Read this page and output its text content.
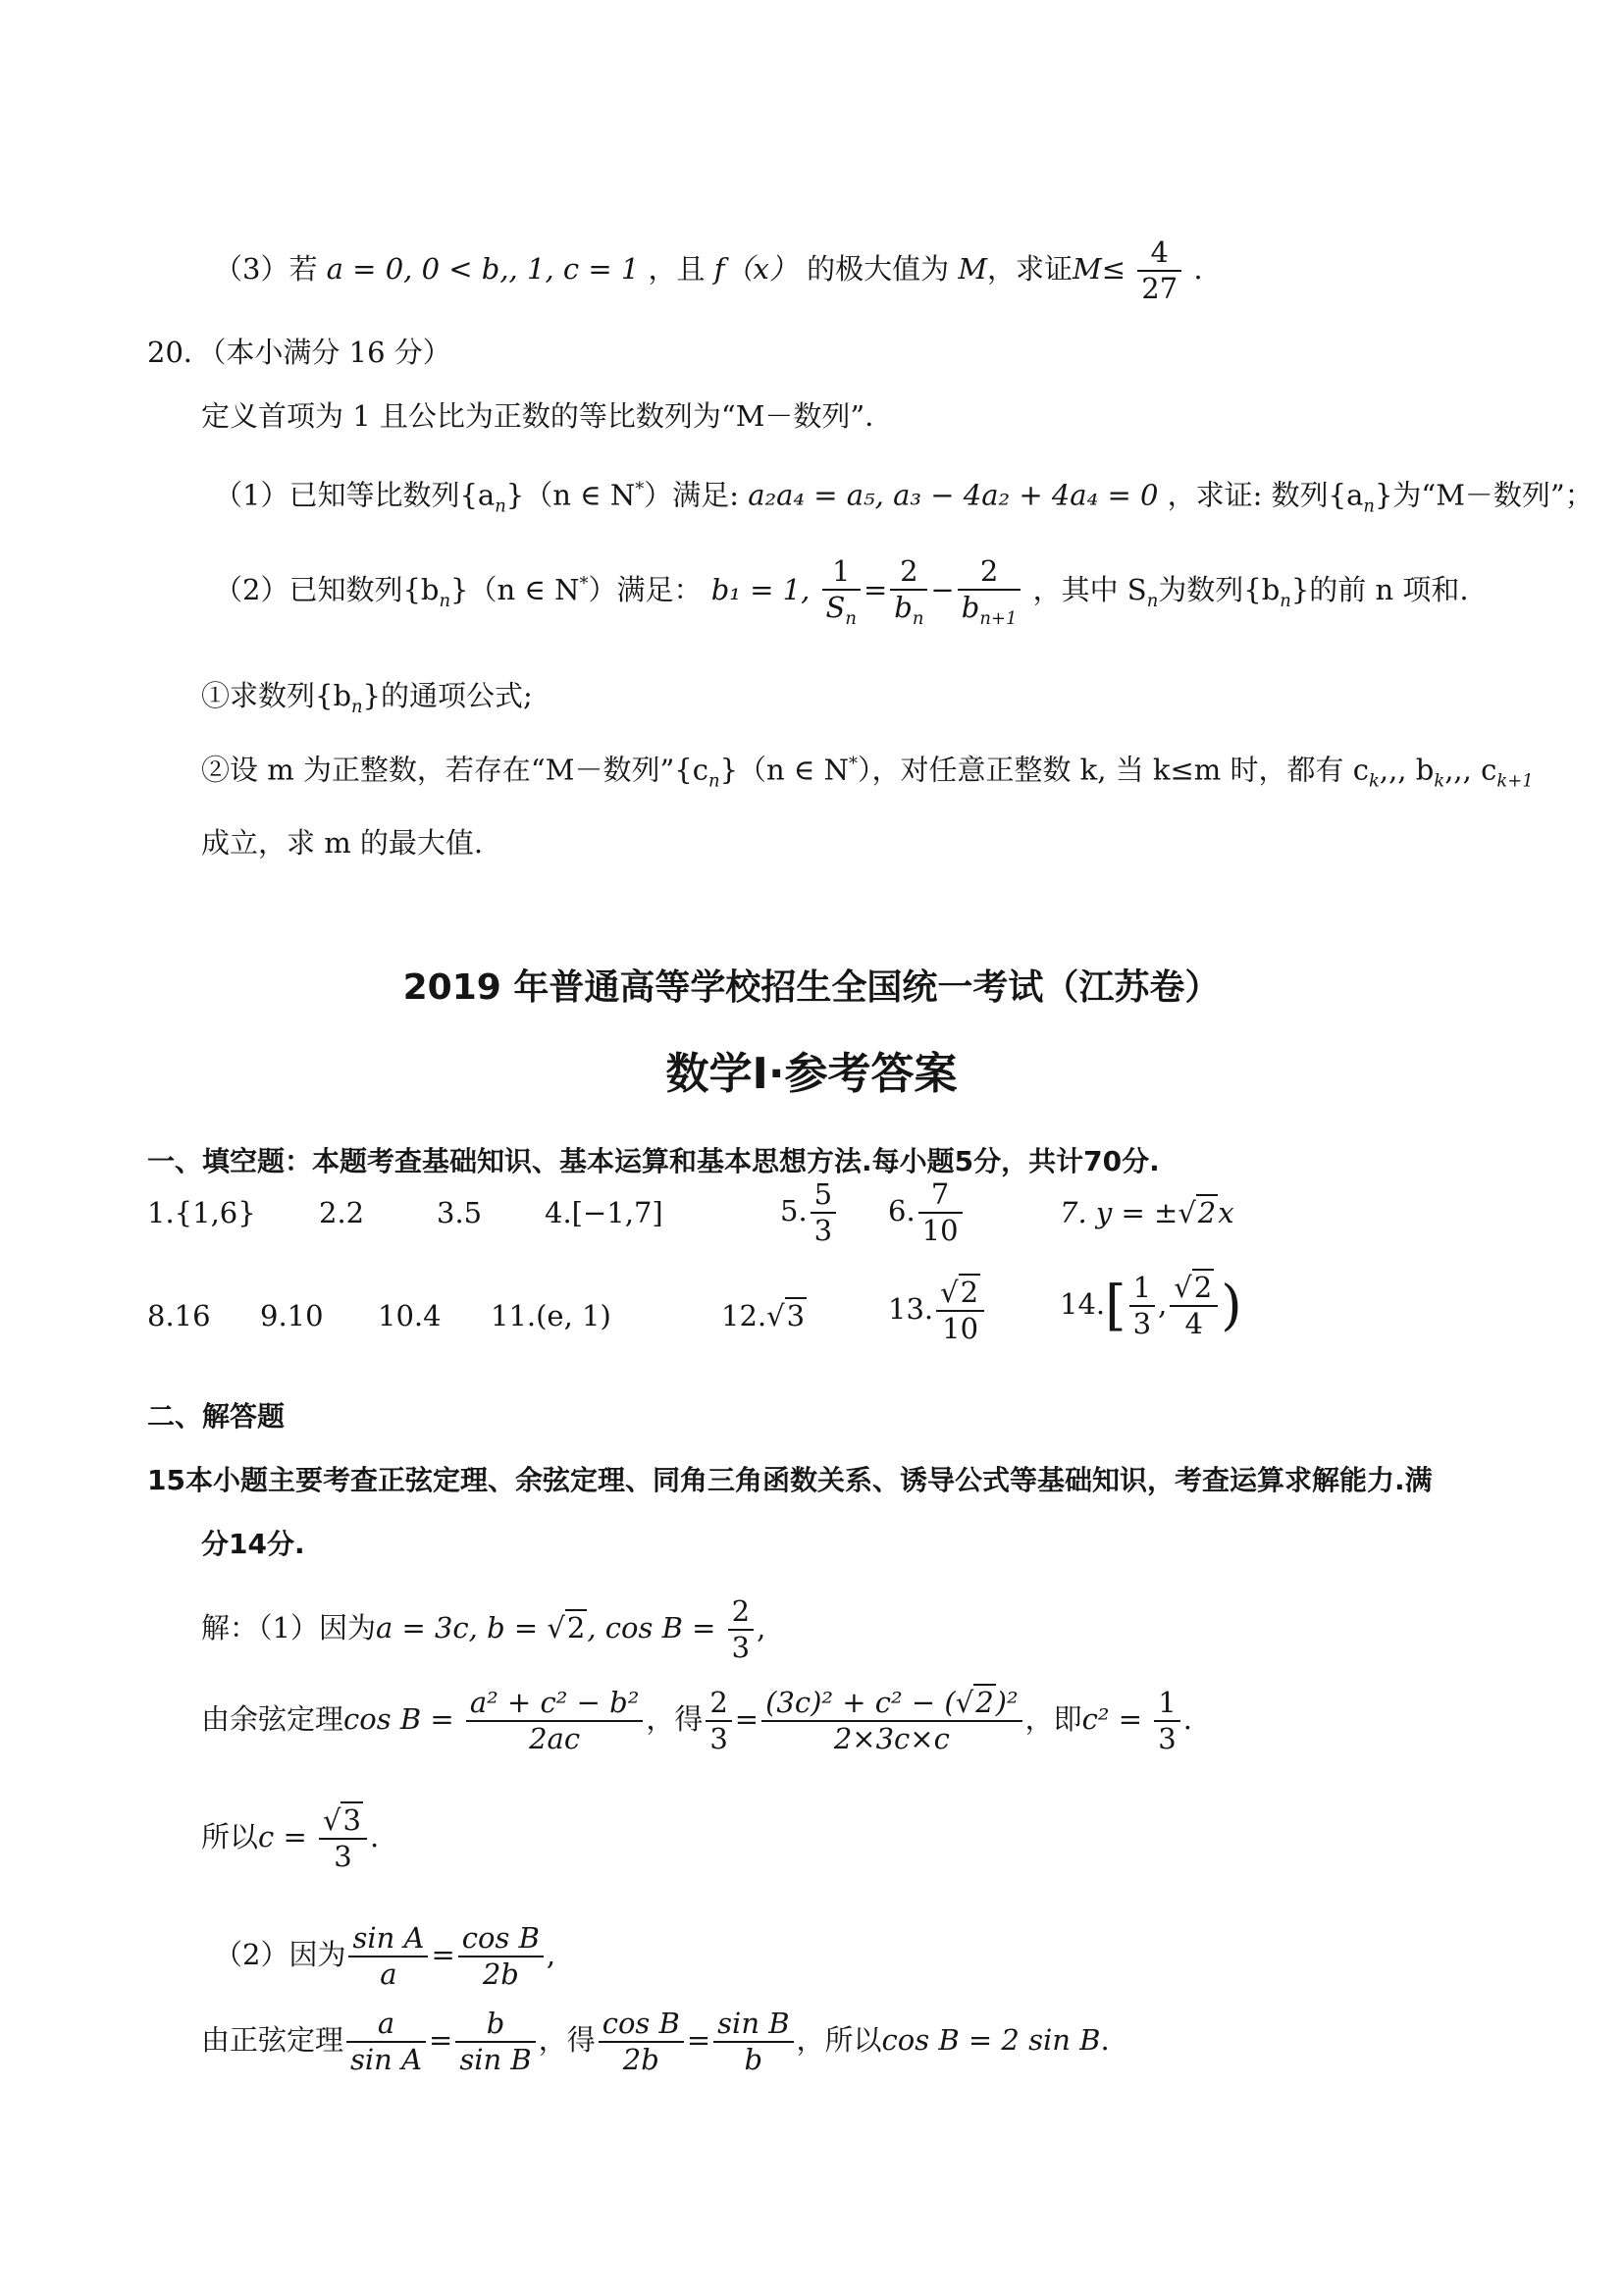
（3）若 a = 0, 0 < b,, 1, c = 1 ，且 f（x） 的极大值为 M，求证$M\le \frac{4}{27}$ .
20．（本小满分 16 分）
定义首项为 1 且公比为正数的等比数列为“M－数列”．
（1）已知等比数列$\{a_n\}(n$ ∈ N*）满足: a₂a₄ = a₅, a₃ − 4a₂ + 4a₄ = 0 ，求证: 数列$\{a_n\}$为“M－数列”；
（2）已知数列$\{b_n\}(n$ ∈ N*）满足： b₁ = 1, $\frac{1}{S_n} = \frac{2}{b_n} - \frac{2}{b_{n+1}}$ ，其中 $S_n$为数列$\{b_n\}$的前 n 项和.
①求数列$\{b_n\}$的通项公式;
②设 m 为正整数，若存在“M－数列$”\{c_n\}(n$ ∈ N*），对任意正整数 k, 当 k≤m 时，都有 $c_k$,,, $b_k$,,, $c_{k+1}$
成立，求 m 的最大值.
2019 年普通高等学校招生全国统一考试（江苏卷）
数学Ⅰ·参考答案
一、填空题：本题考查基础知识、基本运算和基本思想方法.每小题5分，共计70分.
1.{1,6} 2.2	3.5 4.[−1,7]	5. $\frac{5}{3} 6$. $\frac{7}{10}$	7. y = ±√2x
8.16 9.10 10.4 11.(e, 1)	12.√3	13. $\frac{√2}{10}$	$14.[ \frac{1}{3}$ , $\frac{√2}{4}$ )
二、解答题
15本小题主要考查正弦定理、余弦定理、同角三角函数关系、诱导公式等基础知识，考查运算求解能力.满
分14分.
解：（1）因为a = 3c, b = √2, $\cos B = \frac{2}{3}$ ,
由余弦定理$\cos B = \frac{\text{a² + c² − b²}}{2ac}$ ，得 $\frac{2}{3} = \frac{\text{(3c)² + c² − (√2)²}}{2\times 3c\times c}$ ，即$c^2 = \frac{1}{3}$ .
所以$c = \frac{√3}{3}$ .
（2）因为 $\frac{\text{sin A}}{a} = \frac{\text{cos B}}{2b}$ ,
由正弦定理 $\frac{a}{\text{sin A}} = \frac{b}{\text{sin B}}$ ，得 $\frac{\text{cos B}}{2b} = \frac{\text{sin B}}{b}$ ，所以cos B = 2 sin B.
